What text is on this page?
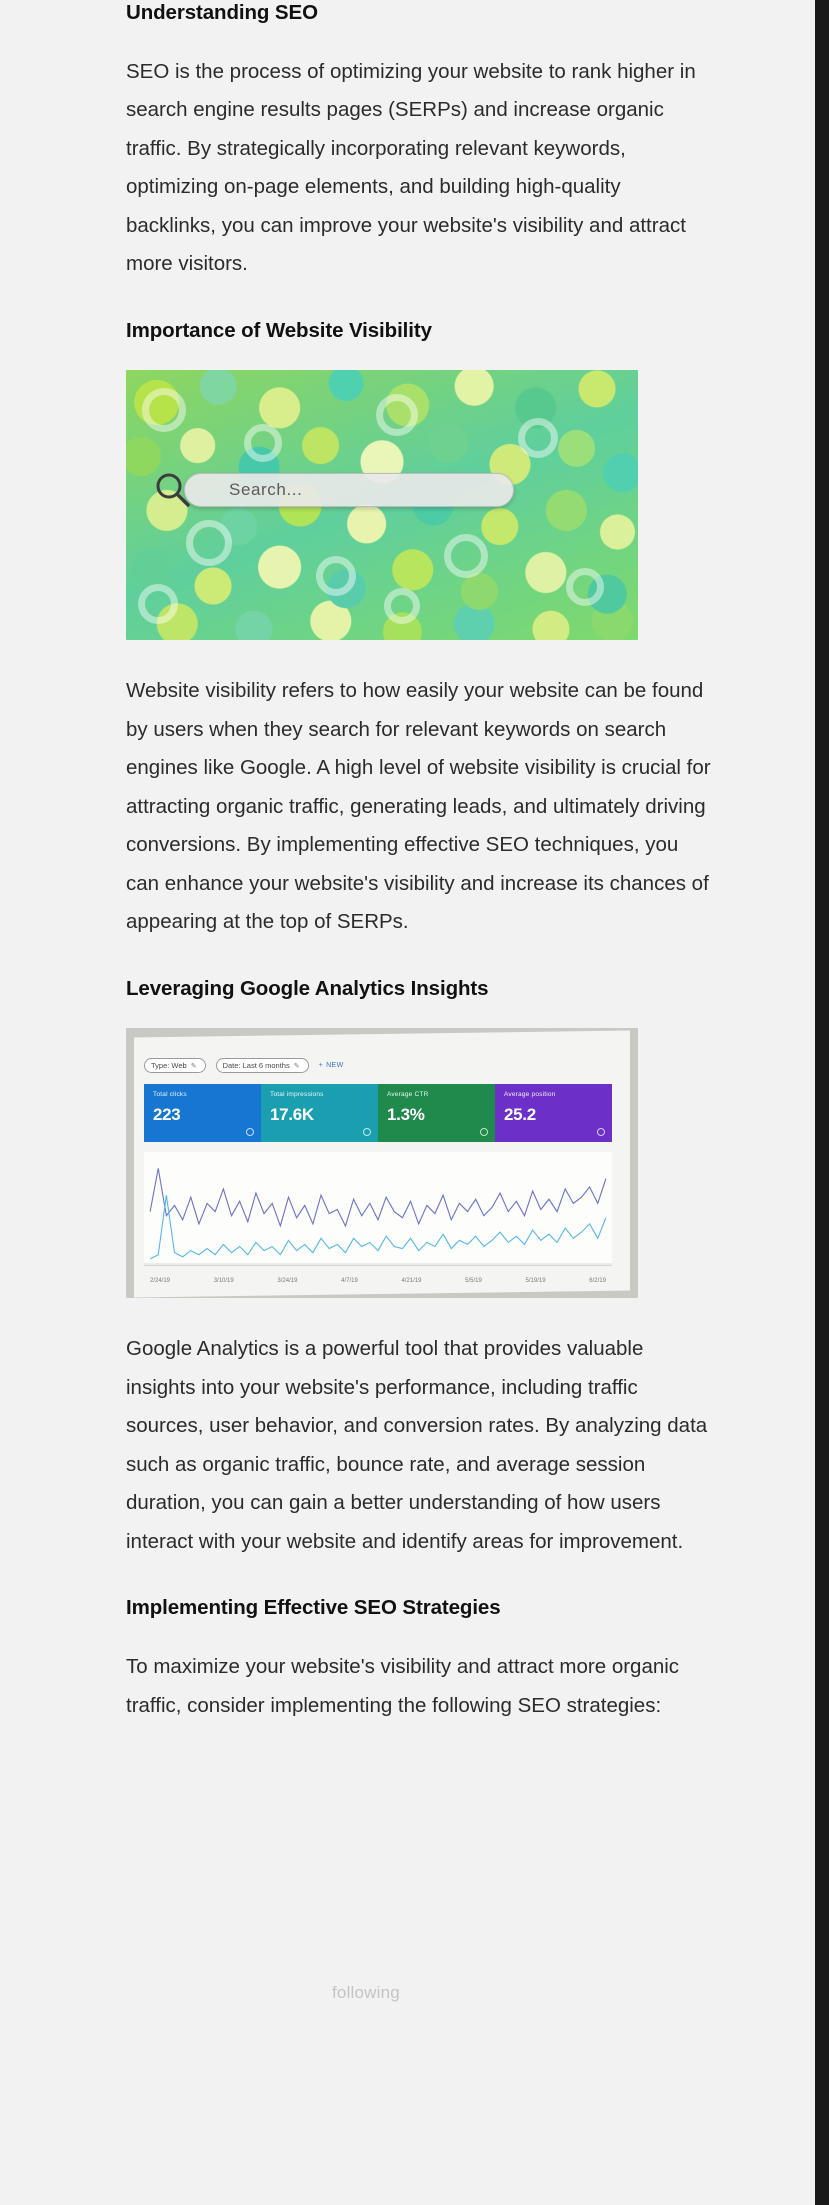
Understanding SEO

SEO is the process of optimizing your website to rank higher in search engine results pages (SERPs) and increase organic traffic. By strategically incorporating relevant keywords, optimizing on-page elements, and building high-quality backlinks, you can improve your website's visibility and attract more visitors.

Importance of Website Visibility
Search...

Website visibility refers to how easily your website can be found by users when they search for relevant keywords on search engines like Google. A high level of website visibility is crucial for attracting organic traffic, generating leads, and ultimately driving conversions. By implementing effective SEO techniques, you can enhance your website's visibility and increase its chances of appearing at the top of SERPs.

Leveraging Google Analytics Insights
Type: Web ✎	Date: Last 6 months ✎	+ NEW
Total clicks
223
Total impressions
17.6K
Average CTR
1.3%
Average position
25.2
2/24/19	3/10/19	3/24/19	4/7/19	4/21/19	5/5/19	5/19/19	6/2/19

Google Analytics is a powerful tool that provides valuable insights into your website's performance, including traffic sources, user behavior, and conversion rates. By analyzing data such as organic traffic, bounce rate, and average session duration, you can gain a better understanding of how users interact with your website and identify areas for improvement.

Implementing Effective SEO Strategies

To maximize your website's visibility and attract more organic traffic, consider implementing the following SEO strategies:

following
